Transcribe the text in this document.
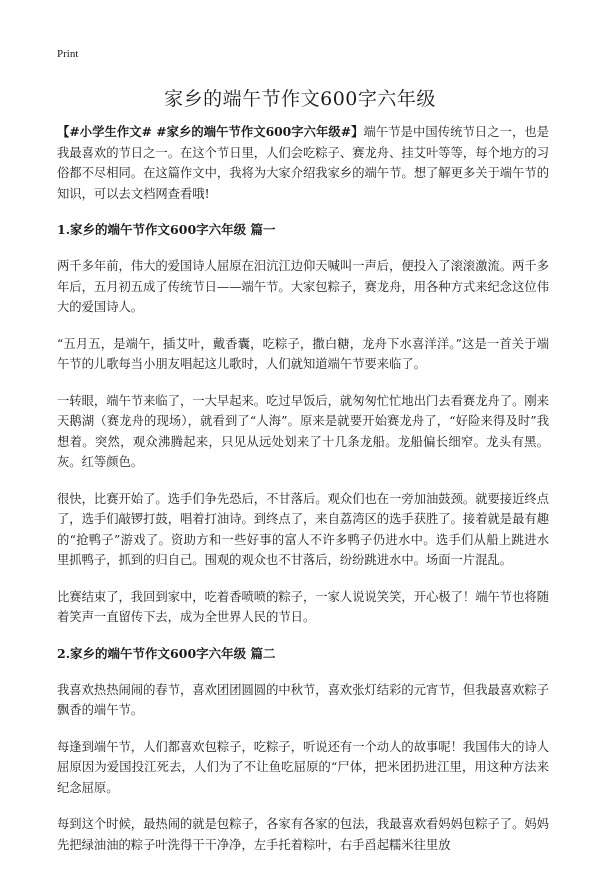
Print
家乡的端午节作文600字六年级

【#小学生作文# #家乡的端午节作文600字六年级#】端午节是中国传统节日之一，也是我最喜欢的节日之一。在这个节日里，人们会吃粽子、赛龙舟、挂艾叶等等，每个地方的习俗都不尽相同。在这篇作文中，我将为大家介绍我家乡的端午节。想了解更多关于端午节的知识，可以去文档网查看哦!

1.家乡的端午节作文600字六年级 篇一

两千多年前，伟大的爱国诗人屈原在汨沆江边仰天喊叫一声后，便投入了滚滚激流。两千多年后，五月初五成了传统节日——端午节。大家包粽子，赛龙舟，用各种方式来纪念这位伟大的爱国诗人。

“五月五，是端午，插艾叶，戴香囊，吃粽子，撒白糖，龙舟下水喜洋洋。”这是一首关于端午节的儿歌每当小朋友唱起这儿歌时，人们就知道端午节要来临了。

一转眼，端午节来临了，一大早起来。吃过早饭后，就匆匆忙忙地出门去看赛龙舟了。刚来天鹅湖（赛龙舟的现场），就看到了“人海”。原来是就要开始赛龙舟了，“好险来得及时”我想着。突然，观众沸腾起来，只见从远处划来了十几条龙船。龙船偏长细窄。龙头有黑。灰。红等颜色。

很快，比赛开始了。选手们争先恐后，不甘落后。观众们也在一旁加油鼓颈。就要接近终点了，选手们敲锣打鼓，唱着打油诗。到终点了，来自荔湾区的选手获胜了。接着就是最有趣的“抢鸭子”游戏了。资助方和一些好事的富人不许多鸭子仍进水中。选手们从船上跳进水里抓鸭子，抓到的归自己。围观的观众也不甘落后，纷纷跳进水中。场面一片混乱。

比赛结束了，我回到家中，吃着香喷喷的粽子，一家人说说笑笑，开心极了！端午节也将随着笑声一直留传下去，成为全世界人民的节日。

2.家乡的端午节作文600字六年级 篇二

我喜欢热热闹闹的春节，喜欢团团圆圆的中秋节，喜欢张灯结彩的元宵节，但我最喜欢粽子飘香的端午节。

每逢到端午节，人们都喜欢包粽子，吃粽子，听说还有一个动人的故事呢！我国伟大的诗人屈原因为爱国投江死去，人们为了不让鱼吃屈原的“尸体，把米团扔进江里，用这种方法来纪念屈原。

每到这个时候，最热闹的就是包粽子，各家有各家的包法，我最喜欢看妈妈包粽子了。妈妈先把绿油油的粽子叶洗得干干净净，左手托着粽叶，右手舀起糯米往里放
